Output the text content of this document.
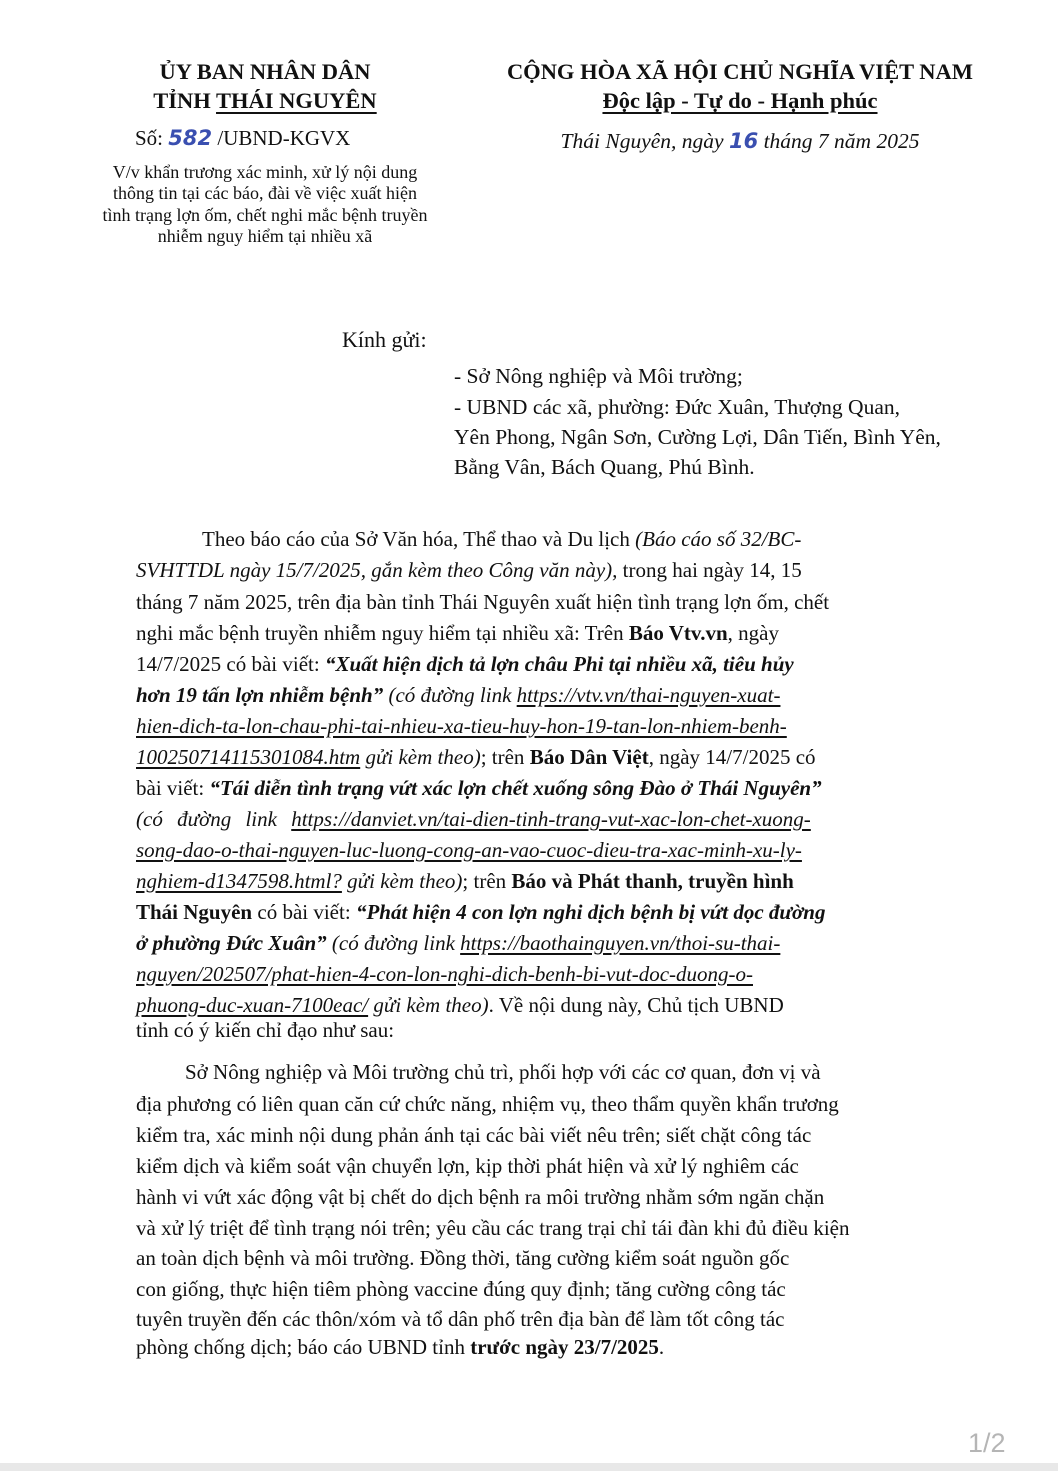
ỦY BAN NHÂN DÂN
TỈNH THÁI NGUYÊN
CỘNG HÒA XÃ HỘI CHỦ NGHĨA VIỆT NAM
Độc lập - Tự do - Hạnh phúc
Số: 582 /UBND-KGVX	Thái Nguyên, ngày 16 tháng 7 năm 2025
V/v khẩn trương xác minh, xử lý nội dung thông tin tại các báo, đài về việc xuất hiện tình trạng lợn ốm, chết nghi mắc bệnh truyền nhiễm nguy hiểm tại nhiều xã
Kính gửi:
- Sở Nông nghiệp và Môi trường;
- UBND các xã, phường: Đức Xuân, Thượng Quan,
Yên Phong, Ngân Sơn, Cường Lợi, Dân Tiến, Bình Yên,
Bằng Vân, Bách Quang, Phú Bình.
Theo báo cáo của Sở Văn hóa, Thể thao và Du lịch (Báo cáo số 32/BC-
SVHTTDL ngày 15/7/2025, gắn kèm theo Công văn này), trong hai ngày 14, 15
tháng 7 năm 2025, trên địa bàn tỉnh Thái Nguyên xuất hiện tình trạng lợn ốm, chết
nghi mắc bệnh truyền nhiễm nguy hiểm tại nhiều xã: Trên Báo Vtv.vn, ngày
14/7/2025 có bài viết: “Xuất hiện dịch tả lợn châu Phi tại nhiều xã, tiêu hủy
hơn 19 tấn lợn nhiễm bệnh” (có đường link https://vtv.vn/thai-nguyen-xuat-
hien-dich-ta-lon-chau-phi-tai-nhieu-xa-tieu-huy-hon-19-tan-lon-nhiem-benh-
100250714115301084.htm gửi kèm theo); trên Báo Dân Việt, ngày 14/7/2025 có
bài viết: “Tái diễn tình trạng vứt xác lợn chết xuống sông Đào ở Thái Nguyên”
(có đường link https://danviet.vn/tai-dien-tinh-trang-vut-xac-lon-chet-xuong-
song-dao-o-thai-nguyen-luc-luong-cong-an-vao-cuoc-dieu-tra-xac-minh-xu-ly-
nghiem-d1347598.html? gửi kèm theo); trên Báo và Phát thanh, truyền hình
Thái Nguyên có bài viết: “Phát hiện 4 con lợn nghi dịch bệnh bị vứt dọc đường
ở phường Đức Xuân” (có đường link https://baothainguyen.vn/thoi-su-thai-
nguyen/202507/phat-hien-4-con-lon-nghi-dich-benh-bi-vut-doc-duong-o-
phuong-duc-xuan-7100eac/ gửi kèm theo). Về nội dung này, Chủ tịch UBND
tỉnh có ý kiến chỉ đạo như sau:
Sở Nông nghiệp và Môi trường chủ trì, phối hợp với các cơ quan, đơn vị và
địa phương có liên quan căn cứ chức năng, nhiệm vụ, theo thẩm quyền khẩn trương
kiểm tra, xác minh nội dung phản ánh tại các bài viết nêu trên; siết chặt công tác
kiểm dịch và kiểm soát vận chuyển lợn, kịp thời phát hiện và xử lý nghiêm các
hành vi vứt xác động vật bị chết do dịch bệnh ra môi trường nhằm sớm ngăn chặn
và xử lý triệt để tình trạng nói trên; yêu cầu các trang trại chỉ tái đàn khi đủ điều kiện
an toàn dịch bệnh và môi trường. Đồng thời, tăng cường kiểm soát nguồn gốc
con giống, thực hiện tiêm phòng vaccine đúng quy định; tăng cường công tác
tuyên truyền đến các thôn/xóm và tổ dân phố trên địa bàn để làm tốt công tác
phòng chống dịch; báo cáo UBND tỉnh trước ngày 23/7/2025.
1/2
